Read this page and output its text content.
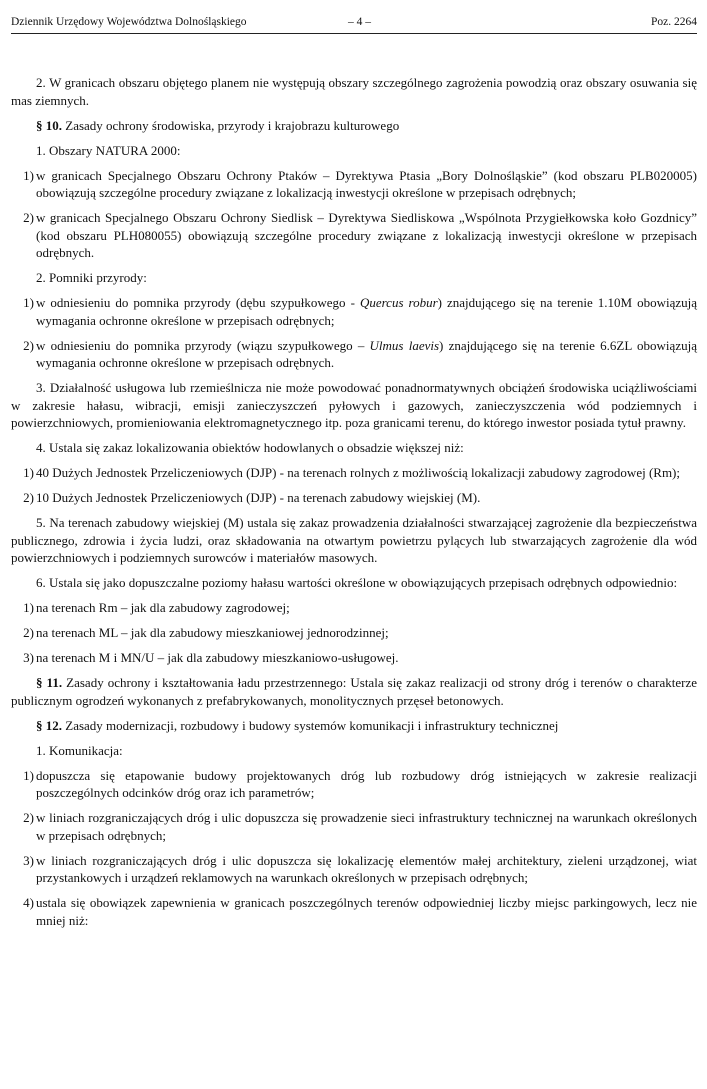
Dziennik Urzędowy Województwa Dolnośląskiego	– 4 –	Poz. 2264

2. W granicach obszaru objętego planem nie występują obszary szczególnego zagrożenia powodzią oraz obszary osuwania się mas ziemnych.

§ 10. Zasady ochrony środowiska, przyrody i krajobrazu kulturowego

1. Obszary NATURA 2000:

1) w granicach Specjalnego Obszaru Ochrony Ptaków – Dyrektywa Ptasia „Bory Dolnośląskie” (kod obszaru PLB020005) obowiązują szczególne procedury związane z lokalizacją inwestycji określone w przepisach odrębnych;
2) w granicach Specjalnego Obszaru Ochrony Siedlisk – Dyrektywa Siedliskowa „Wspólnota Przygiełkowska koło Gozdnicy” (kod obszaru PLH080055) obowiązują szczególne procedury związane z lokalizacją inwestycji określone w przepisach odrębnych.

2. Pomniki przyrody:

1) w odniesieniu do pomnika przyrody (dębu szypułkowego - Quercus robur) znajdującego się na terenie 1.10M obowiązują wymagania ochronne określone w przepisach odrębnych;
2) w odniesieniu do pomnika przyrody (wiązu szypułkowego – Ulmus laevis) znajdującego się na terenie 6.6ZL obowiązują wymagania ochronne określone w przepisach odrębnych.

3. Działalność usługowa lub rzemieślnicza nie może powodować ponadnormatywnych obciążeń środowiska uciążliwościami w zakresie hałasu, wibracji, emisji zanieczyszczeń pyłowych i gazowych, zanieczyszczenia wód podziemnych i powierzchniowych, promieniowania elektromagnetycznego itp. poza granicami terenu, do którego inwestor posiada tytuł prawny.

4. Ustala się zakaz lokalizowania obiektów hodowlanych o obsadzie większej niż:

1) 40 Dużych Jednostek Przeliczeniowych (DJP) - na terenach rolnych z możliwością lokalizacji zabudowy zagrodowej (Rm);
2) 10 Dużych Jednostek Przeliczeniowych (DJP) - na terenach zabudowy wiejskiej (M).

5. Na terenach zabudowy wiejskiej (M) ustala się zakaz prowadzenia działalności stwarzającej zagrożenie dla bezpieczeństwa publicznego, zdrowia i życia ludzi, oraz składowania na otwartym powietrzu pylących lub stwarzających zagrożenie dla wód powierzchniowych i podziemnych surowców i materiałów masowych.

6. Ustala się jako dopuszczalne poziomy hałasu wartości określone w obowiązujących przepisach odrębnych odpowiednio:

1) na terenach Rm – jak dla zabudowy zagrodowej;
2) na terenach ML – jak dla zabudowy mieszkaniowej jednorodzinnej;
3) na terenach M i MN/U – jak dla zabudowy mieszkaniowo-usługowej.

§ 11. Zasady ochrony i kształtowania ładu przestrzennego: Ustala się zakaz realizacji od strony dróg i terenów o charakterze publicznym ogrodzeń wykonanych z prefabrykowanych, monolitycznych przęseł betonowych.

§ 12. Zasady modernizacji, rozbudowy i budowy systemów komunikacji i infrastruktury technicznej

1. Komunikacja:

1) dopuszcza się etapowanie budowy projektowanych dróg lub rozbudowy dróg istniejących w zakresie realizacji poszczególnych odcinków dróg oraz ich parametrów;
2) w liniach rozgraniczających dróg i ulic dopuszcza się prowadzenie sieci infrastruktury technicznej na warunkach określonych w przepisach odrębnych;
3) w liniach rozgraniczających dróg i ulic dopuszcza się lokalizację elementów małej architektury, zieleni urządzonej, wiat przystankowych i urządzeń reklamowych na warunkach określonych w przepisach odrębnych;
4) ustala się obowiązek zapewnienia w granicach poszczególnych terenów odpowiedniej liczby miejsc parkingowych, lecz nie mniej niż:
